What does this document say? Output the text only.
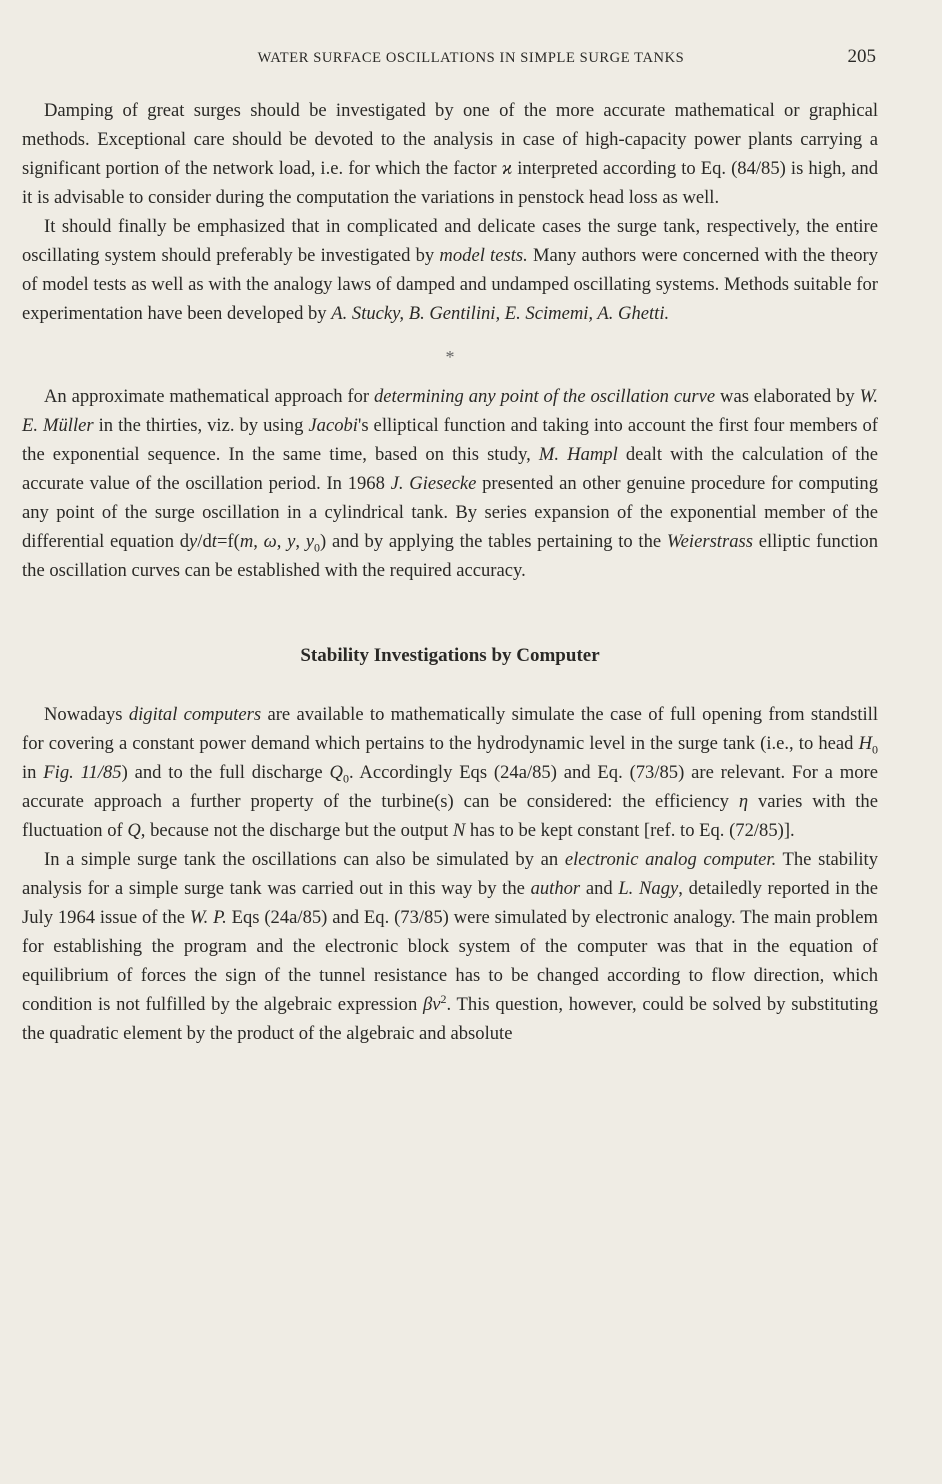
WATER SURFACE OSCILLATIONS IN SIMPLE SURGE TANKS	205

Damping of great surges should be investigated by one of the more accurate mathematical or graphical methods. Exceptional care should be devoted to the analysis in case of high-capacity power plants carrying a significant portion of the network load, i.e. for which the factor ϰ interpreted according to Eq. (84/85) is high, and it is advisable to consider during the computation the variations in penstock head loss as well.

It should finally be emphasized that in complicated and delicate cases the surge tank, respectively, the entire oscillating system should preferably be investigated by model tests. Many authors were concerned with the theory of model tests as well as with the analogy laws of damped and undamped oscillating systems. Methods suitable for experimentation have been developed by A. Stucky, B. Gentilini, E. Scimemi, A. Ghetti.

*

An approximate mathematical approach for determining any point of the oscillation curve was elaborated by W. E. Müller in the thirties, viz. by using Jacobi's elliptical function and taking into account the first four members of the exponential sequence. In the same time, based on this study, M. Hampl dealt with the calculation of the accurate value of the oscillation period. In 1968 J. Giesecke presented an other genuine procedure for computing any point of the surge oscillation in a cylindrical tank. By series expansion of the exponential member of the differential equation dy/dt=f(m, ω, y, $y_0$) and by applying the tables pertaining to the Weierstrass elliptic function the oscillation curves can be established with the required accuracy.

Stability Investigations by Computer

Nowadays digital computers are available to mathematically simulate the case of full opening from standstill for covering a constant power demand which pertains to the hydrodynamic level in the surge tank (i.e., to head $H_0$ in Fig. 11/85) and to the full discharge $Q_0$. Accordingly Eqs (24a/85) and Eq. (73/85) are relevant. For a more accurate approach a further property of the turbine(s) can be considered: the efficiency η varies with the fluctuation of Q, because not the discharge but the output N has to be kept constant [ref. to Eq. (72/85)].

In a simple surge tank the oscillations can also be simulated by an electronic analog computer. The stability analysis for a simple surge tank was carried out in this way by the author and L. Nagy, detailedly reported in the July 1964 issue of the W. P. Eqs (24a/85) and Eq. (73/85) were simulated by electronic analogy. The main problem for establishing the program and the electronic block system of the computer was that in the equation of equilibrium of forces the sign of the tunnel resistance has to be changed according to flow direction, which condition is not fulfilled by the algebraic expression $\beta v^2$. This question, however, could be solved by substituting the quadratic element by the product of the algebraic and absolute
